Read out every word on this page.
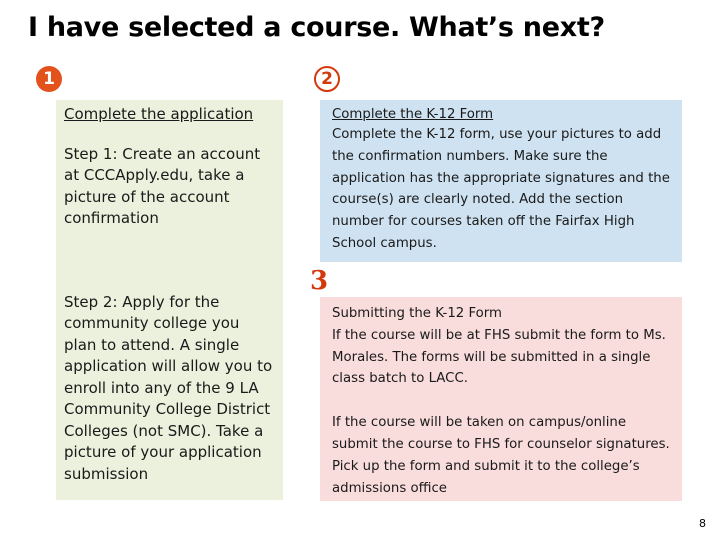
I have selected a course. What’s next?
1	2
3
Complete the application
Step 1: Create an account at CCCApply.edu, take a picture of the account confirmation
Step 2: Apply for the community college you plan to attend. A single application will allow you to enroll into any of the 9 LA Community College District Colleges (not SMC). Take a picture of your application submission
Complete the K-12 Form
Complete the K-12 form, use your pictures to add the confirmation numbers. Make sure the application has the appropriate signatures and the course(s) are clearly noted. Add the section number for courses taken off the Fairfax High School campus.
Submitting the K-12 Form
If the course will be at FHS submit the form to Ms. Morales. The forms will be submitted in a single class batch to LACC.
If the course will be taken on campus/online submit the course to FHS for counselor signatures. Pick up the form and submit it to the college’s admissions office
8
